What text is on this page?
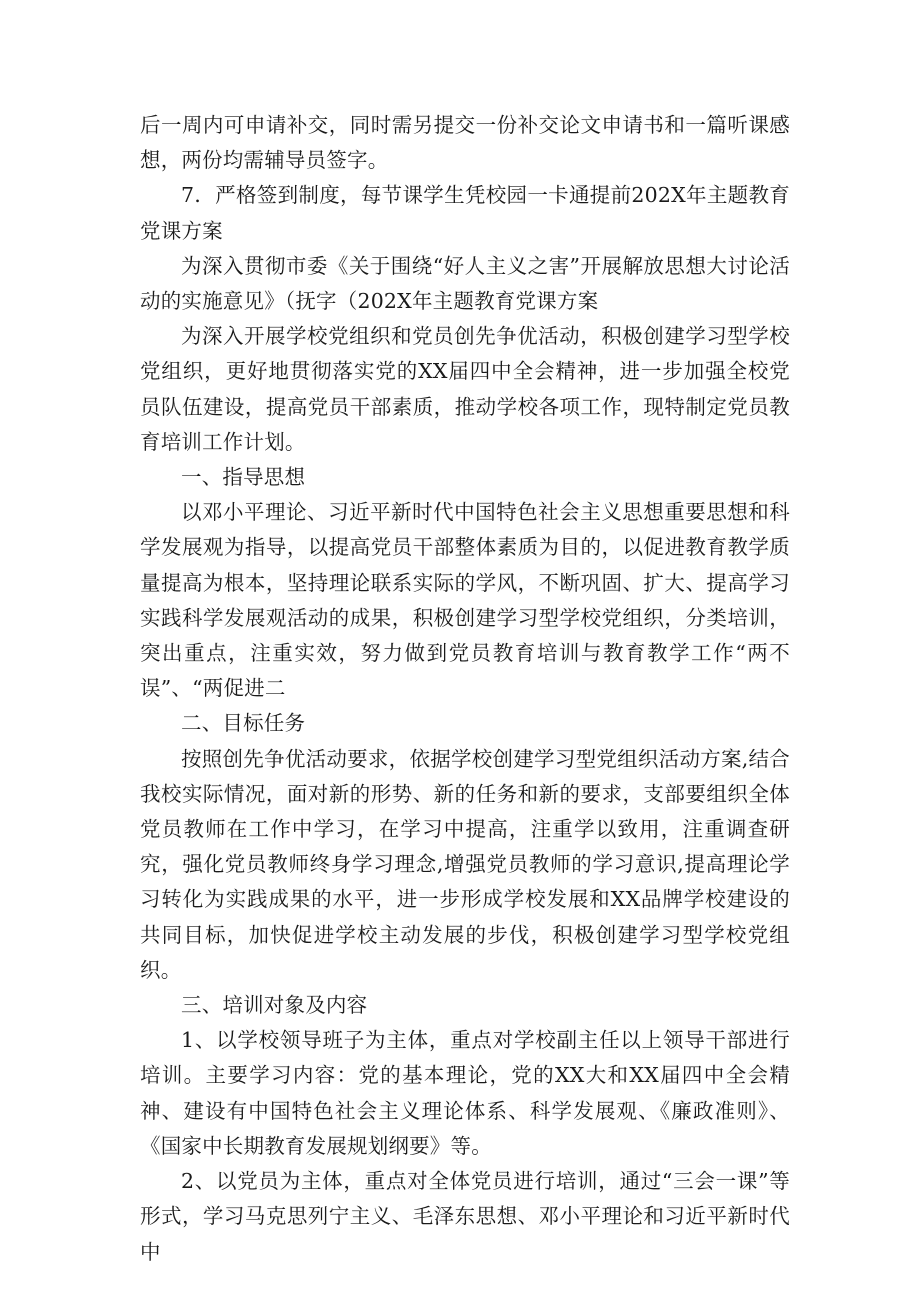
后一周内可申请补交，同时需另提交一份补交论文申请书和一篇听课感想，两份均需辅导员签字。

7．严格签到制度，每节课学生凭校园一卡通提前202X年主题教育党课方案

为深入贯彻市委《关于围绕“好人主义之害”开展解放思想大讨论活动的实施意见》（抚字（202X年主题教育党课方案

为深入开展学校党组织和党员创先争优活动，积极创建学习型学校党组织，更好地贯彻落实党的XX届四中全会精神，进一步加强全校党员队伍建设，提高党员干部素质，推动学校各项工作，现特制定党员教育培训工作计划。

一、指导思想

以邓小平理论、习近平新时代中国特色社会主义思想重要思想和科学发展观为指导，以提高党员干部整体素质为目的，以促进教育教学质量提高为根本，坚持理论联系实际的学风，不断巩固、扩大、提高学习实践科学发展观活动的成果，积极创建学习型学校党组织，分类培训，突出重点，注重实效，努力做到党员教育培训与教育教学工作“两不误”、“两促进二

二、目标任务

按照创先争优活动要求，依据学校创建学习型党组织活动方案,结合我校实际情况，面对新的形势、新的任务和新的要求，支部要组织全体党员教师在工作中学习，在学习中提高，注重学以致用，注重调查研究，强化党员教师终身学习理念,增强党员教师的学习意识,提高理论学习转化为实践成果的水平，进一步形成学校发展和XX品牌学校建设的共同目标，加快促进学校主动发展的步伐，积极创建学习型学校党组织。

三、培训对象及内容

1、以学校领导班子为主体，重点对学校副主任以上领导干部进行培训。主要学习内容：党的基本理论，党的XX大和XX届四中全会精神、建设有中国特色社会主义理论体系、科学发展观、《廉政准则》、《国家中长期教育发展规划纲要》等。

2、以党员为主体，重点对全体党员进行培训，通过“三会一课”等形式，学习马克思列宁主义、毛泽东思想、邓小平理论和习近平新时代中
